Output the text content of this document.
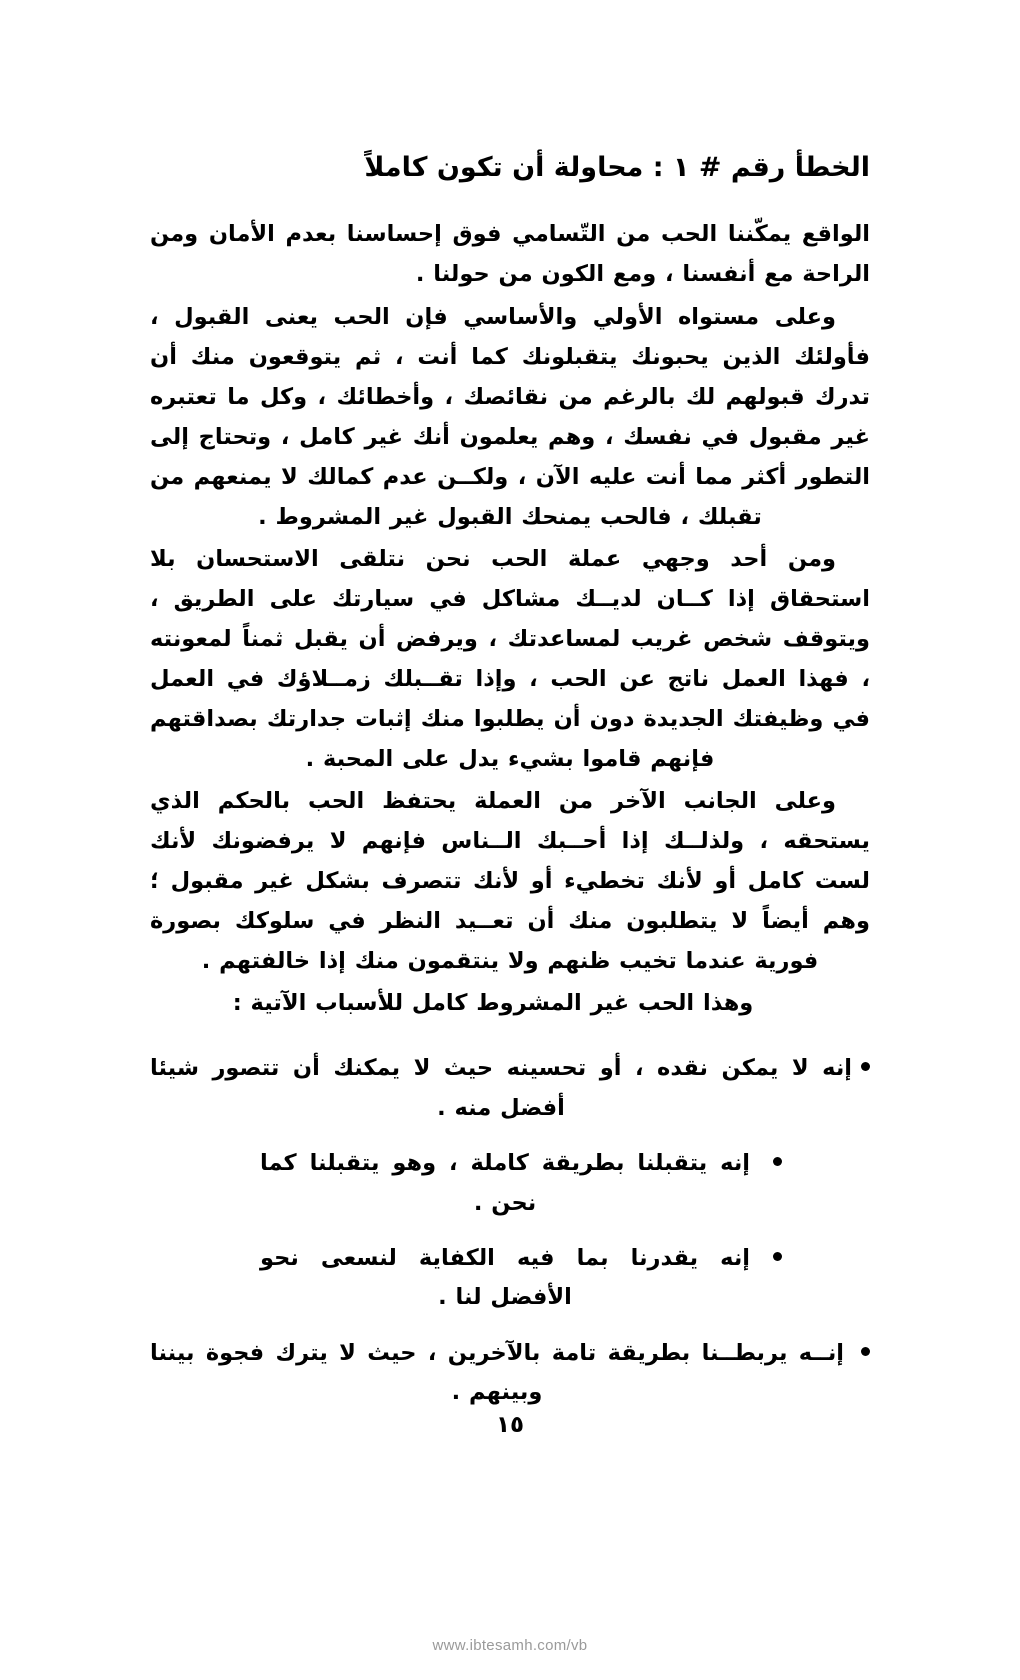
الخطأ رقم # ١ : محاولة أن تكون كاملاً

الواقع يمكّننا الحب من التّسامي فوق إحساسنا بعدم الأمان ومن الراحة مع أنفسنا ، ومع الكون من حولنا .

وعلى مستواه الأولي والأساسي فإن الحب يعنى القبول ، فأولئك الذين يحبونك يتقبلونك كما أنت ، ثم يتوقعون منك أن تدرك قبولهم لك بالرغم من نقائصك ، وأخطائك ، وكل ما تعتبره غير مقبول في نفسك ، وهم يعلمون أنك غير كامل ، وتحتاج إلى التطور أكثر مما أنت عليه الآن ، ولكــن عدم كمالك لا يمنعهم من تقبلك ، فالحب يمنحك القبول غير المشروط .

ومن أحد وجهي عملة الحب نحن نتلقى الاستحسان بلا استحقاق إذا كــان لديــك مشاكل في سيارتك على الطريق ، ويتوقف شخص غريب لمساعدتك ، ويرفض أن يقبل ثمناً لمعونته ، فهذا العمل ناتج عن الحب ، وإذا تقــبلك زمــلاؤك في العمل في وظيفتك الجديدة دون أن يطلبوا منك إثبات جدارتك بصداقتهم فإنهم قاموا بشيء يدل على المحبة .

وعلى الجانب الآخر من العملة يحتفظ الحب بالحكم الذي يستحقه ، ولذلــك إذا أحــبك الــناس فإنهم لا يرفضونك لأنك لست كامل أو لأنك تخطيء أو لأنك تتصرف بشكل غير مقبول ؛ وهم أيضاً لا يتطلبون منك أن تعــيد النظر في سلوكك بصورة فورية عندما تخيب ظنهم ولا ينتقمون منك إذا خالفتهم .

وهذا الحب غير المشروط كامل للأسباب الآتية :

إنه لا يمكن نقده ، أو تحسينه حيث لا يمكنك أن تتصور شيئا أفضل منه .
إنه يتقبلنا بطريقة كاملة ، وهو يتقبلنا كما نحن .
إنه يقدرنا بما فيه الكفاية لنسعى نحو الأفضل لنا .
إنــه يربطــنا بطريقة تامة بالآخرين ، حيث لا يترك فجوة بيننا وبينهم .
١٥
www.ibtesamh.com/vb
